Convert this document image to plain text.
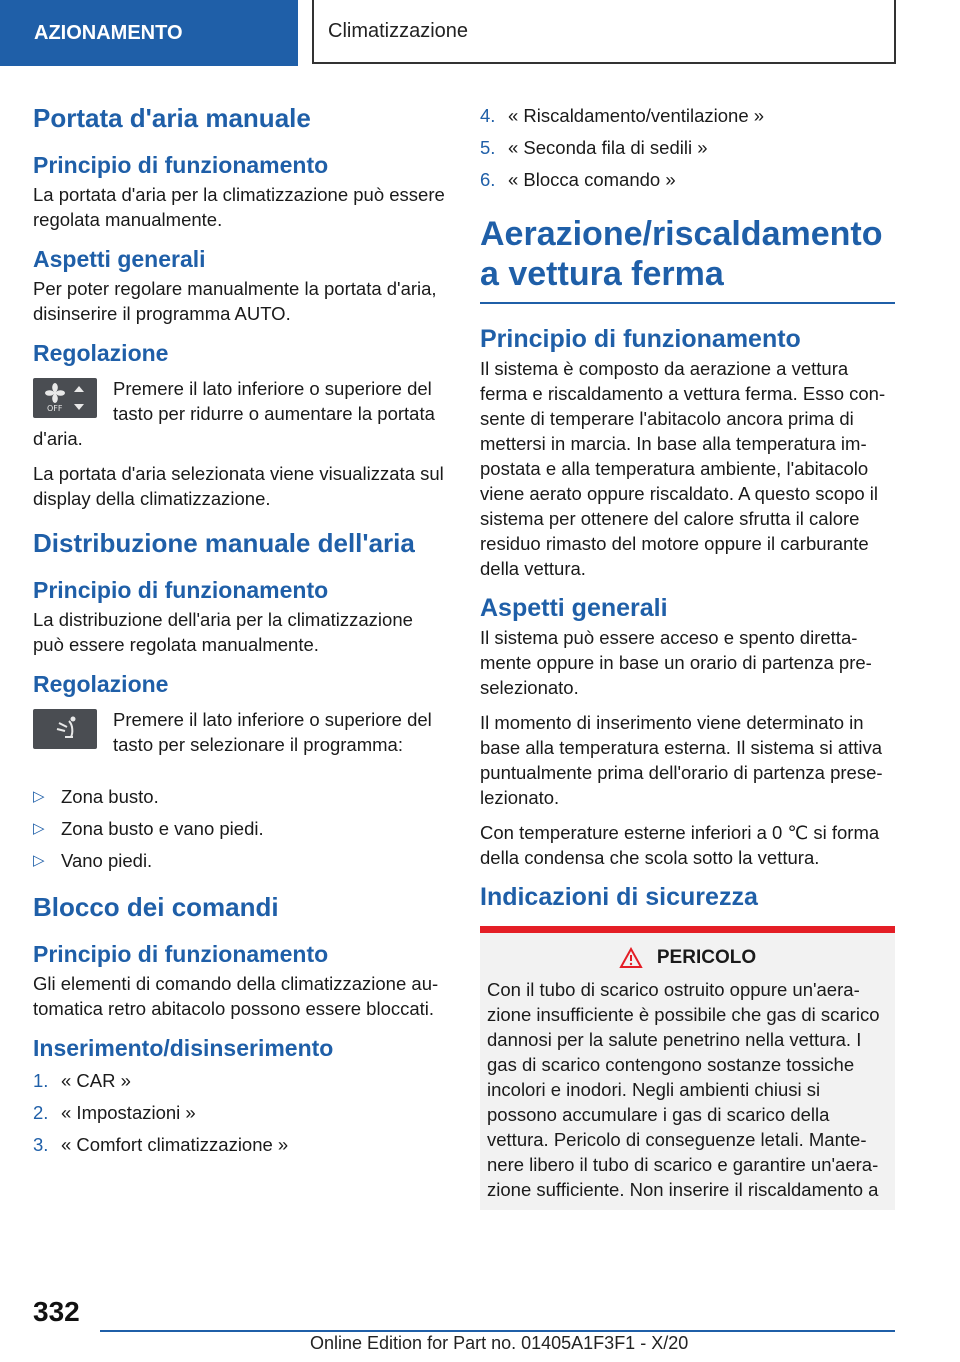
AZIONAMENTO	Climatizzazione
Portata d'aria manuale
Principio di funzionamento

La portata d'aria per la climatizzazione può essere regolata manualmente.

Aspetti generali

Per poter regolare manualmente la portata d'aria, disinserire il programma AUTO.

Regolazione
OFF

Premere il lato inferiore o superiore del tasto per ridurre o aumentare la portata d'aria.

La portata d'aria selezionata viene visualizzata sul display della climatizzazione.

Distribuzione manuale dell'aria
Principio di funzionamento

La distribuzione dell'aria per la climatizzazione può essere regolata manualmente.

Regolazione

Premere il lato inferiore o superiore del tasto per selezionare il programma:

▷ Zona busto.
▷ Zona busto e vano piedi.
▷ Vano piedi.
Blocco dei comandi
Principio di funzionamento

Gli elementi di comando della climatizzazione automatica retro abitacolo possono essere bloccati.

Inserimento/disinserimento
1. « CAR »
2. « Impostazioni »
3. « Comfort climatizzazione »
4. « Riscaldamento/ventilazione »
5. « Seconda fila di sedili »
6. « Blocca comando »
Aerazione/riscaldamento a vettura ferma
Principio di funzionamento

Il sistema è composto da aerazione a vettura ferma e riscaldamento a vettura ferma. Esso consente di temperare l'abitacolo ancora prima di mettersi in marcia. In base alla temperatura impostata e alla temperatura ambiente, l'abitacolo viene aerato oppure riscaldato. A questo scopo il sistema per ottenere del calore sfrutta il calore residuo rimasto del motore oppure il carburante della vettura.

Aspetti generali

Il sistema può essere acceso e spento direttamente oppure in base un orario di partenza preselezionato.

Il momento di inserimento viene determinato in base alla temperatura esterna. Il sistema si attiva puntualmente prima dell'orario di partenza preselezionato.

Con temperature esterne inferiori a 0 ℃ si forma della condensa che scola sotto la vettura.

Indicazioni di sicurezza
PERICOLO

Con il tubo di scarico ostruito oppure un'aerazione insufficiente è possibile che gas di scarico dannosi per la salute penetrino nella vettura. I gas di scarico contengono sostanze tossiche incolori e inodori. Negli ambienti chiusi si possono accumulare i gas di scarico della vettura. Pericolo di conseguenze letali. Mantenere libero il tubo di scarico e garantire un'aerazione sufficiente. Non inserire il riscaldamento a

332
Online Edition for Part no. 01405A1F3F1 - X/20
